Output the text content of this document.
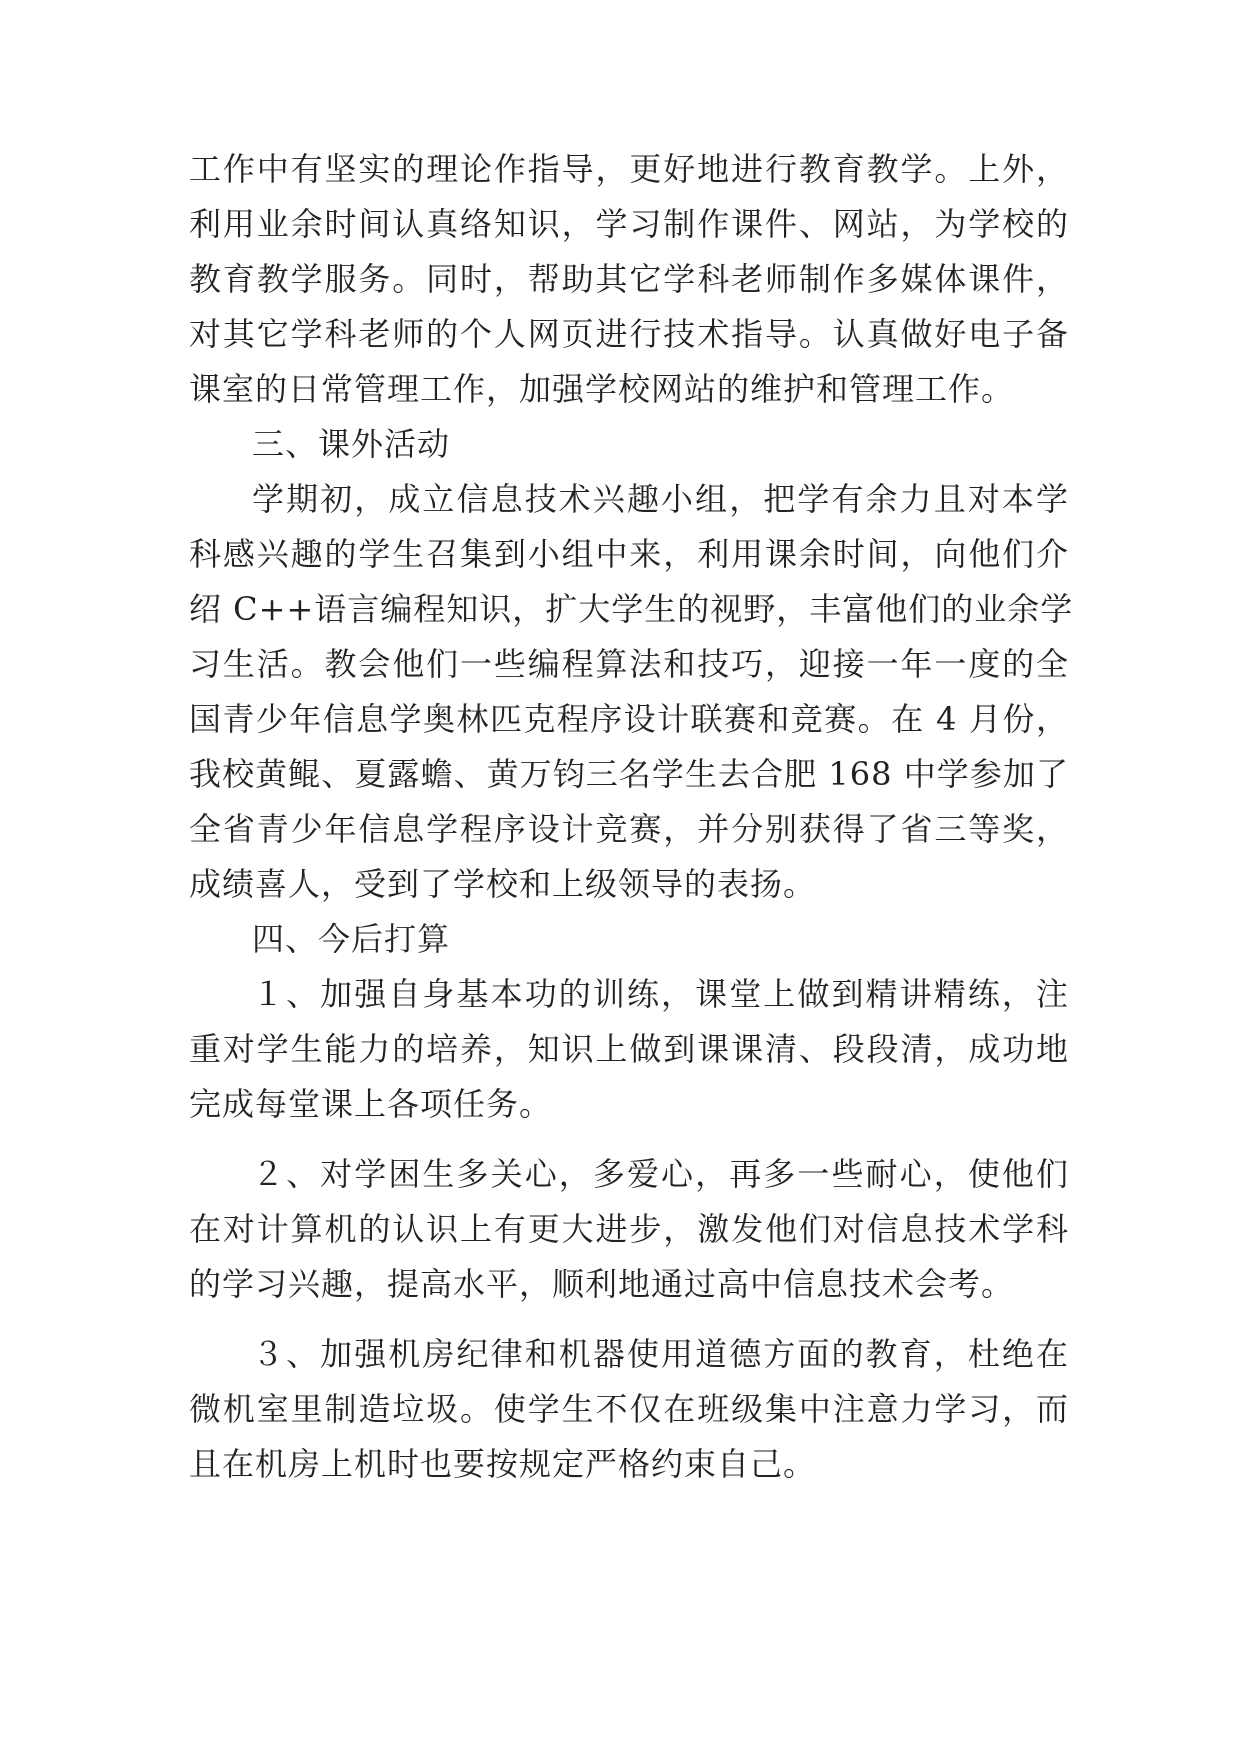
工作中有坚实的理论作指导，更好地进行教育教学。上外，
利用业余时间认真络知识，学习制作课件、网站，为学校的
教育教学服务。同时，帮助其它学科老师制作多媒体课件，
对其它学科老师的个人网页进行技术指导。认真做好电子备
课室的日常管理工作，加强学校网站的维护和管理工作。
三、课外活动
学期初，成立信息技术兴趣小组，把学有余力且对本学
科感兴趣的学生召集到小组中来，利用课余时间，向他们介
绍 C++语言编程知识，扩大学生的视野，丰富他们的业余学
习生活。教会他们一些编程算法和技巧，迎接一年一度的全
国青少年信息学奥林匹克程序设计联赛和竞赛。在 4 月份，
我校黄鲲、夏露蟾、黄万钧三名学生去合肥 168 中学参加了
全省青少年信息学程序设计竞赛，并分别获得了省三等奖，
成绩喜人，受到了学校和上级领导的表扬。
四、今后打算
１、加强自身基本功的训练，课堂上做到精讲精练，注
重对学生能力的培养，知识上做到课课清、段段清，成功地
完成每堂课上各项任务。
２、对学困生多关心，多爱心，再多一些耐心，使他们
在对计算机的认识上有更大进步，激发他们对信息技术学科
的学习兴趣，提高水平，顺利地通过高中信息技术会考。
３、加强机房纪律和机器使用道德方面的教育，杜绝在
微机室里制造垃圾。使学生不仅在班级集中注意力学习，而
且在机房上机时也要按规定严格约束自己。
